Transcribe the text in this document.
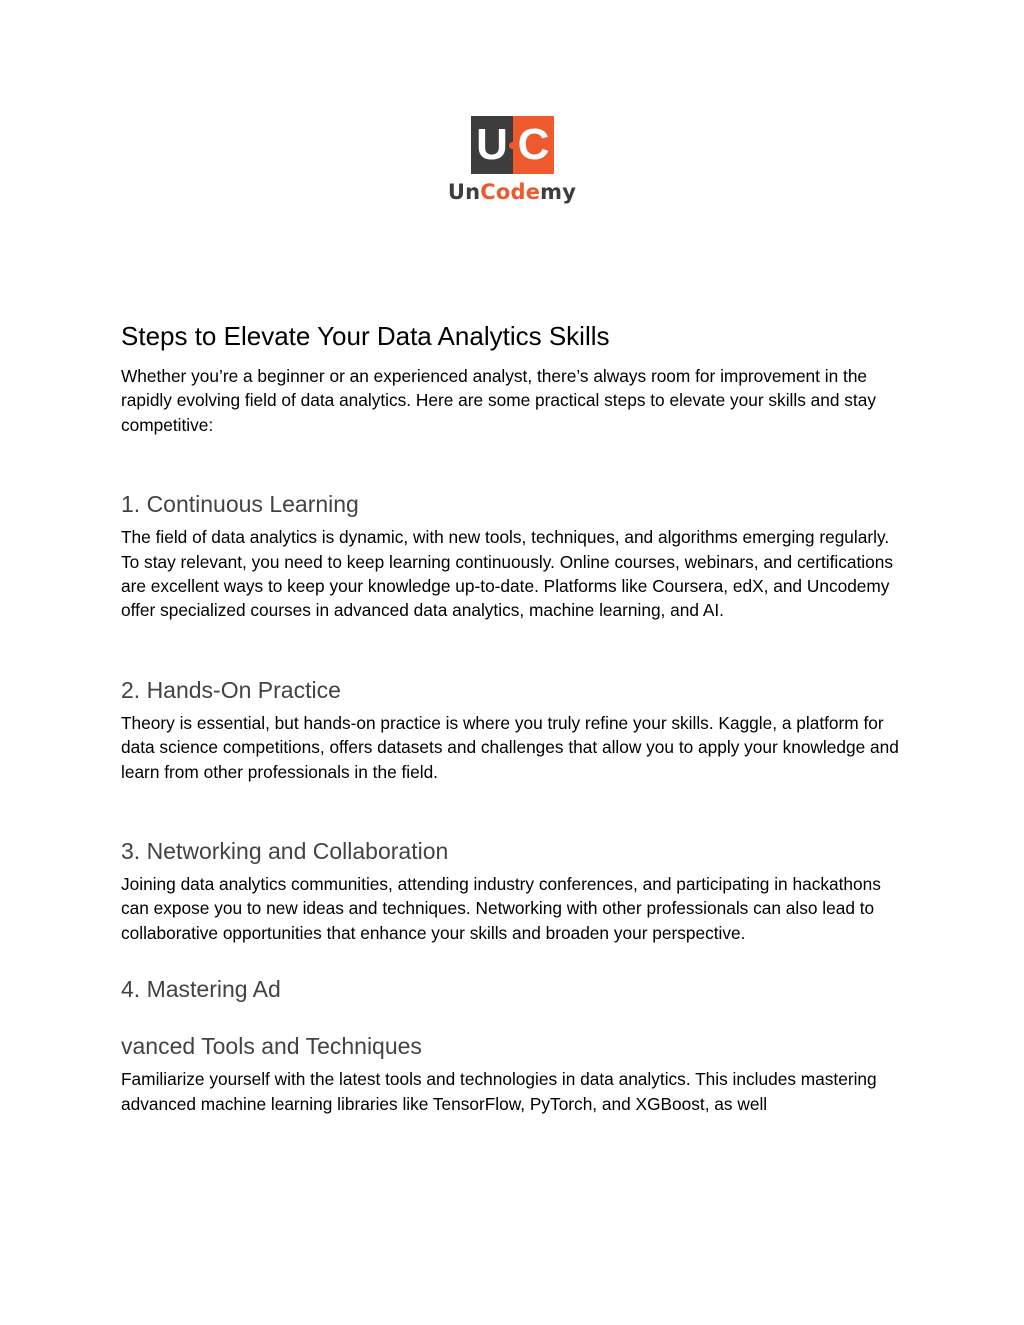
U C
UnCodemy
Steps to Elevate Your Data Analytics Skills

Whether you’re a beginner or an experienced analyst, there’s always room for improvement in the rapidly evolving field of data analytics. Here are some practical steps to elevate your skills and stay competitive:

1. Continuous Learning

The field of data analytics is dynamic, with new tools, techniques, and algorithms emerging regularly. To stay relevant, you need to keep learning continuously. Online courses, webinars, and certifications are excellent ways to keep your knowledge up-to-date. Platforms like Coursera, edX, and Uncodemy offer specialized courses in advanced data analytics, machine learning, and AI.

2. Hands-On Practice

Theory is essential, but hands-on practice is where you truly refine your skills. Kaggle, a platform for data science competitions, offers datasets and challenges that allow you to apply your knowledge and learn from other professionals in the field.

3. Networking and Collaboration

Joining data analytics communities, attending industry conferences, and participating in hackathons can expose you to new ideas and techniques. Networking with other professionals can also lead to collaborative opportunities that enhance your skills and broaden your perspective.

4. Mastering Ad
vanced Tools and Techniques

Familiarize yourself with the latest tools and technologies in data analytics. This includes mastering advanced machine learning libraries like TensorFlow, PyTorch, and XGBoost, as well
